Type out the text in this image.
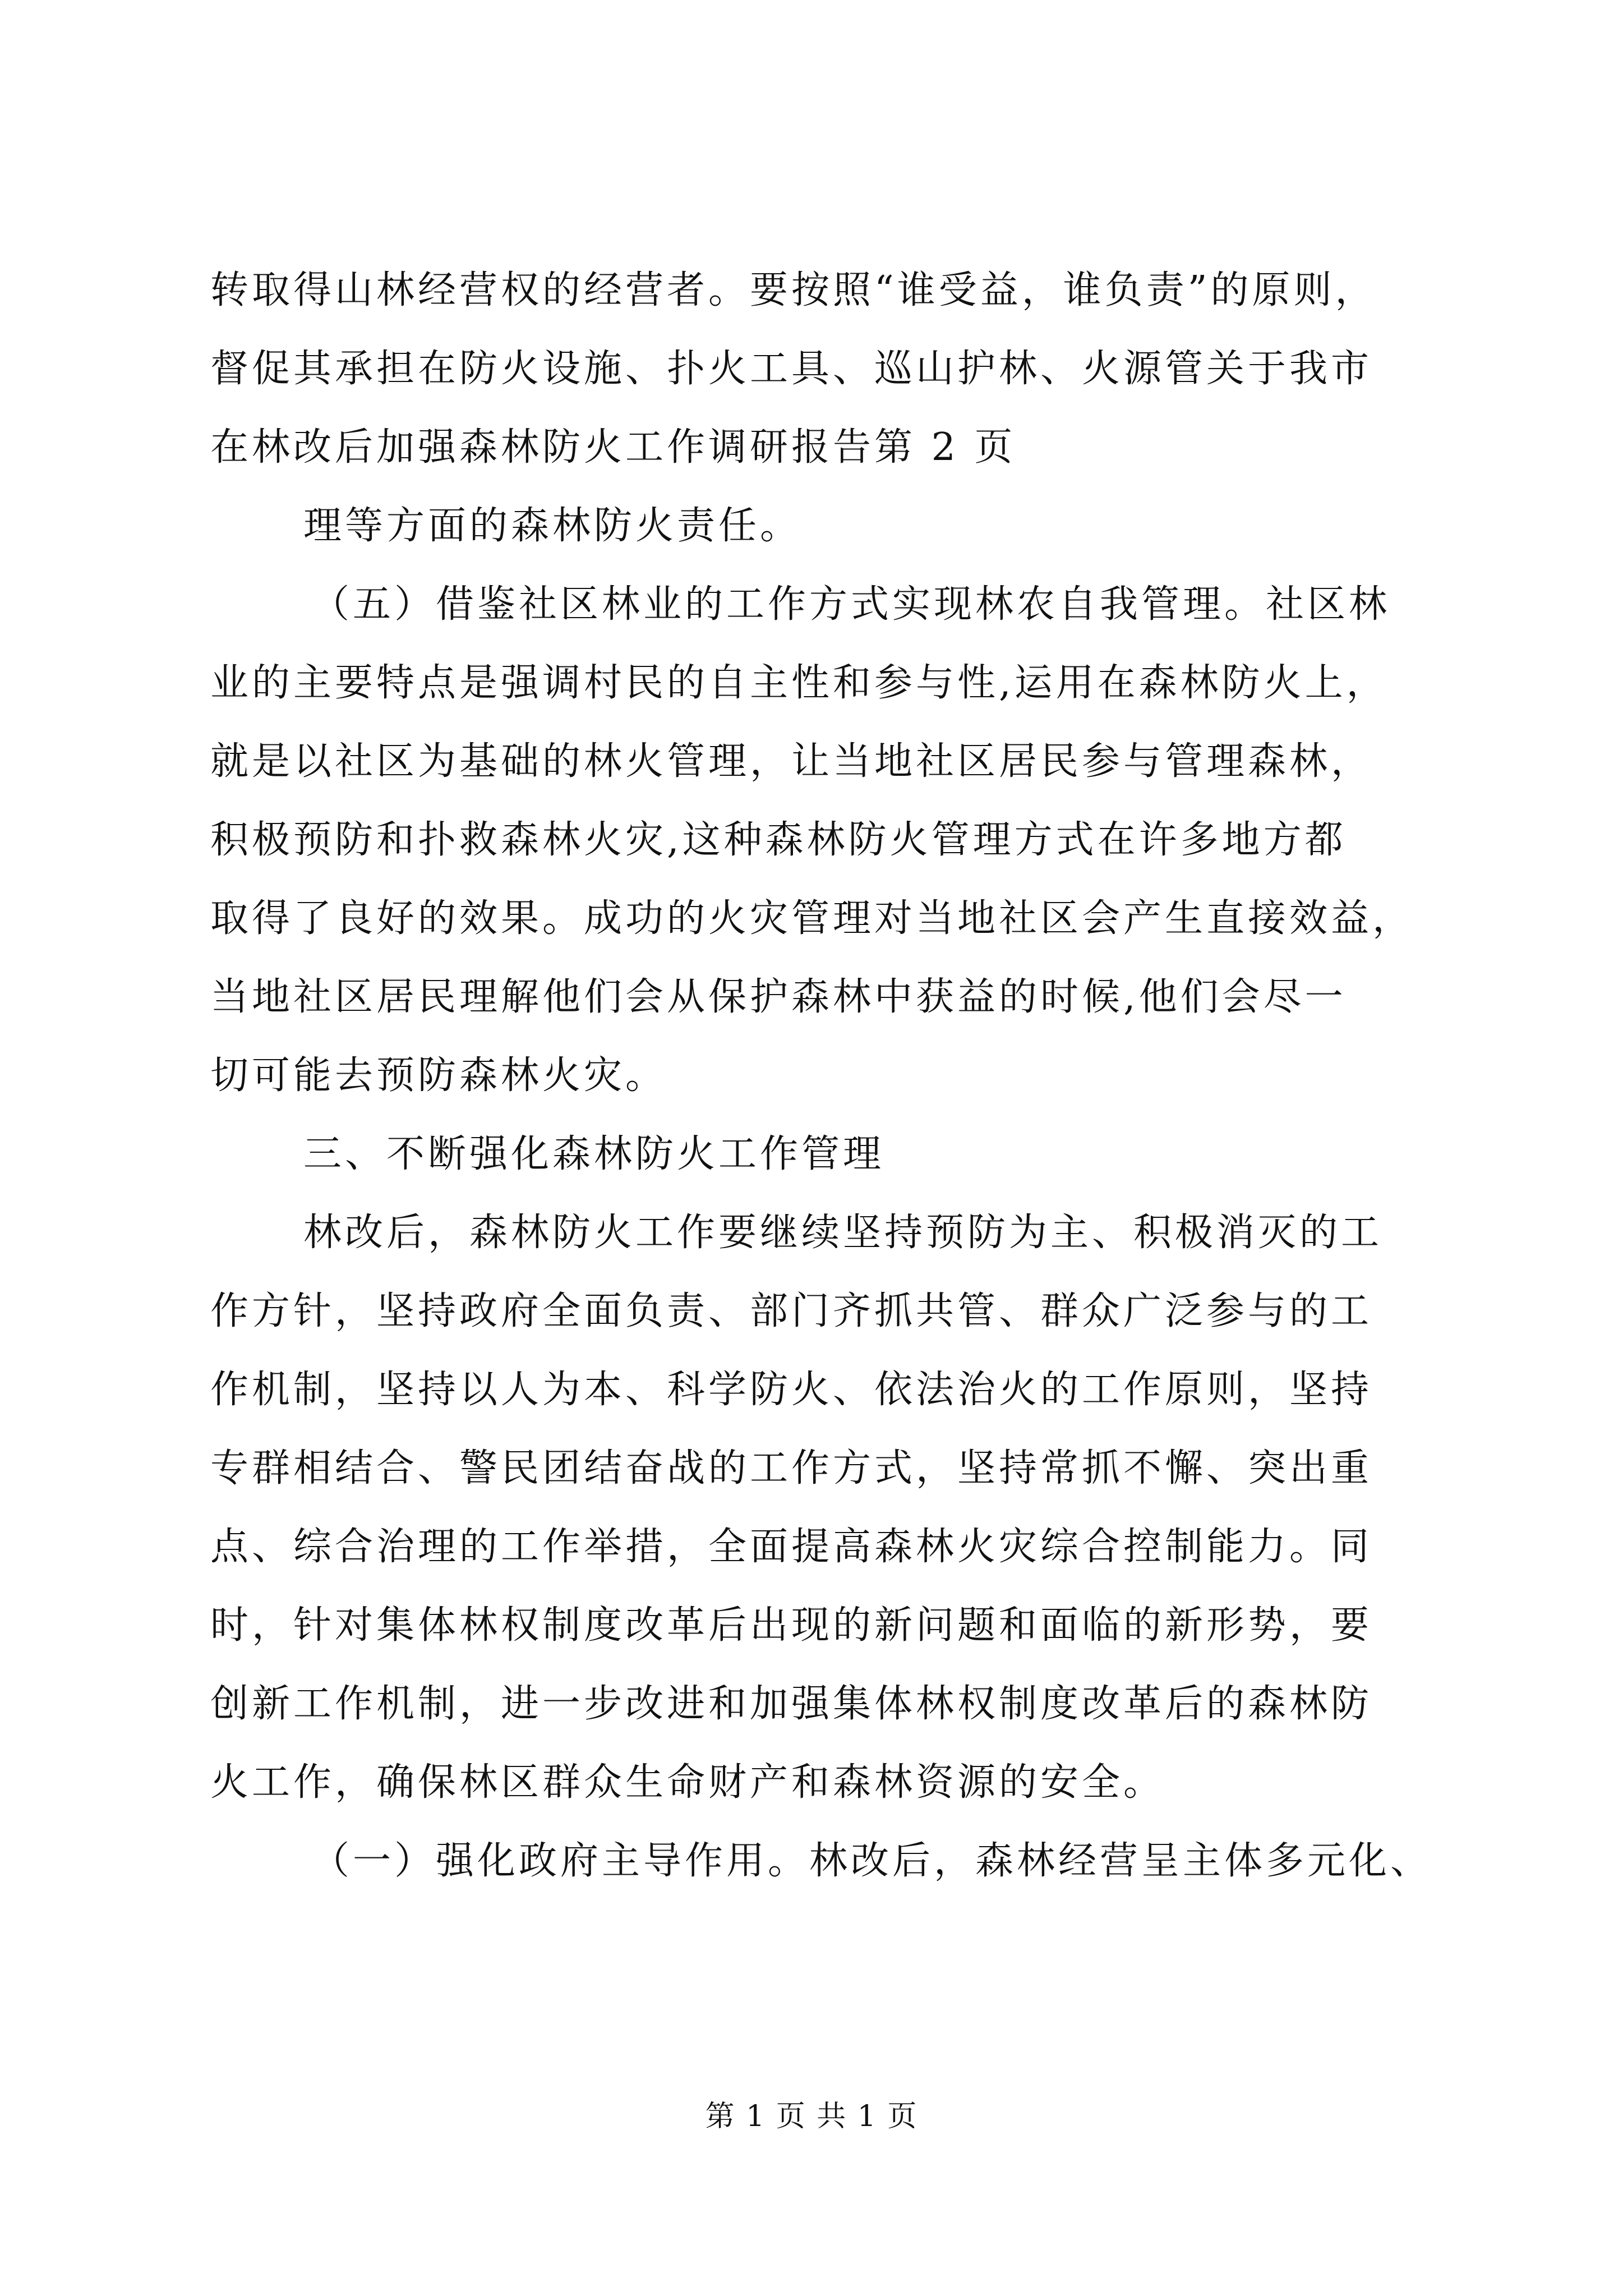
转取得山林经营权的经营者。要按照“谁受益，谁负责”的原则，
督促其承担在防火设施、扑火工具、巡山护林、火源管关于我市
在林改后加强森林防火工作调研报告第 2 页
理等方面的森林防火责任。
（五）借鉴社区林业的工作方式实现林农自我管理。社区林
业的主要特点是强调村民的自主性和参与性,运用在森林防火上，
就是以社区为基础的林火管理，让当地社区居民参与管理森林，
积极预防和扑救森林火灾,这种森林防火管理方式在许多地方都
取得了良好的效果。成功的火灾管理对当地社区会产生直接效益，
当地社区居民理解他们会从保护森林中获益的时候,他们会尽一
切可能去预防森林火灾。
三、不断强化森林防火工作管理
林改后，森林防火工作要继续坚持预防为主、积极消灭的工
作方针，坚持政府全面负责、部门齐抓共管、群众广泛参与的工
作机制，坚持以人为本、科学防火、依法治火的工作原则，坚持
专群相结合、警民团结奋战的工作方式，坚持常抓不懈、突出重
点、综合治理的工作举措，全面提高森林火灾综合控制能力。同
时，针对集体林权制度改革后出现的新问题和面临的新形势，要
创新工作机制，进一步改进和加强集体林权制度改革后的森林防
火工作，确保林区群众生命财产和森林资源的安全。
（一）强化政府主导作用。林改后，森林经营呈主体多元化、
第 1 页 共 1 页
